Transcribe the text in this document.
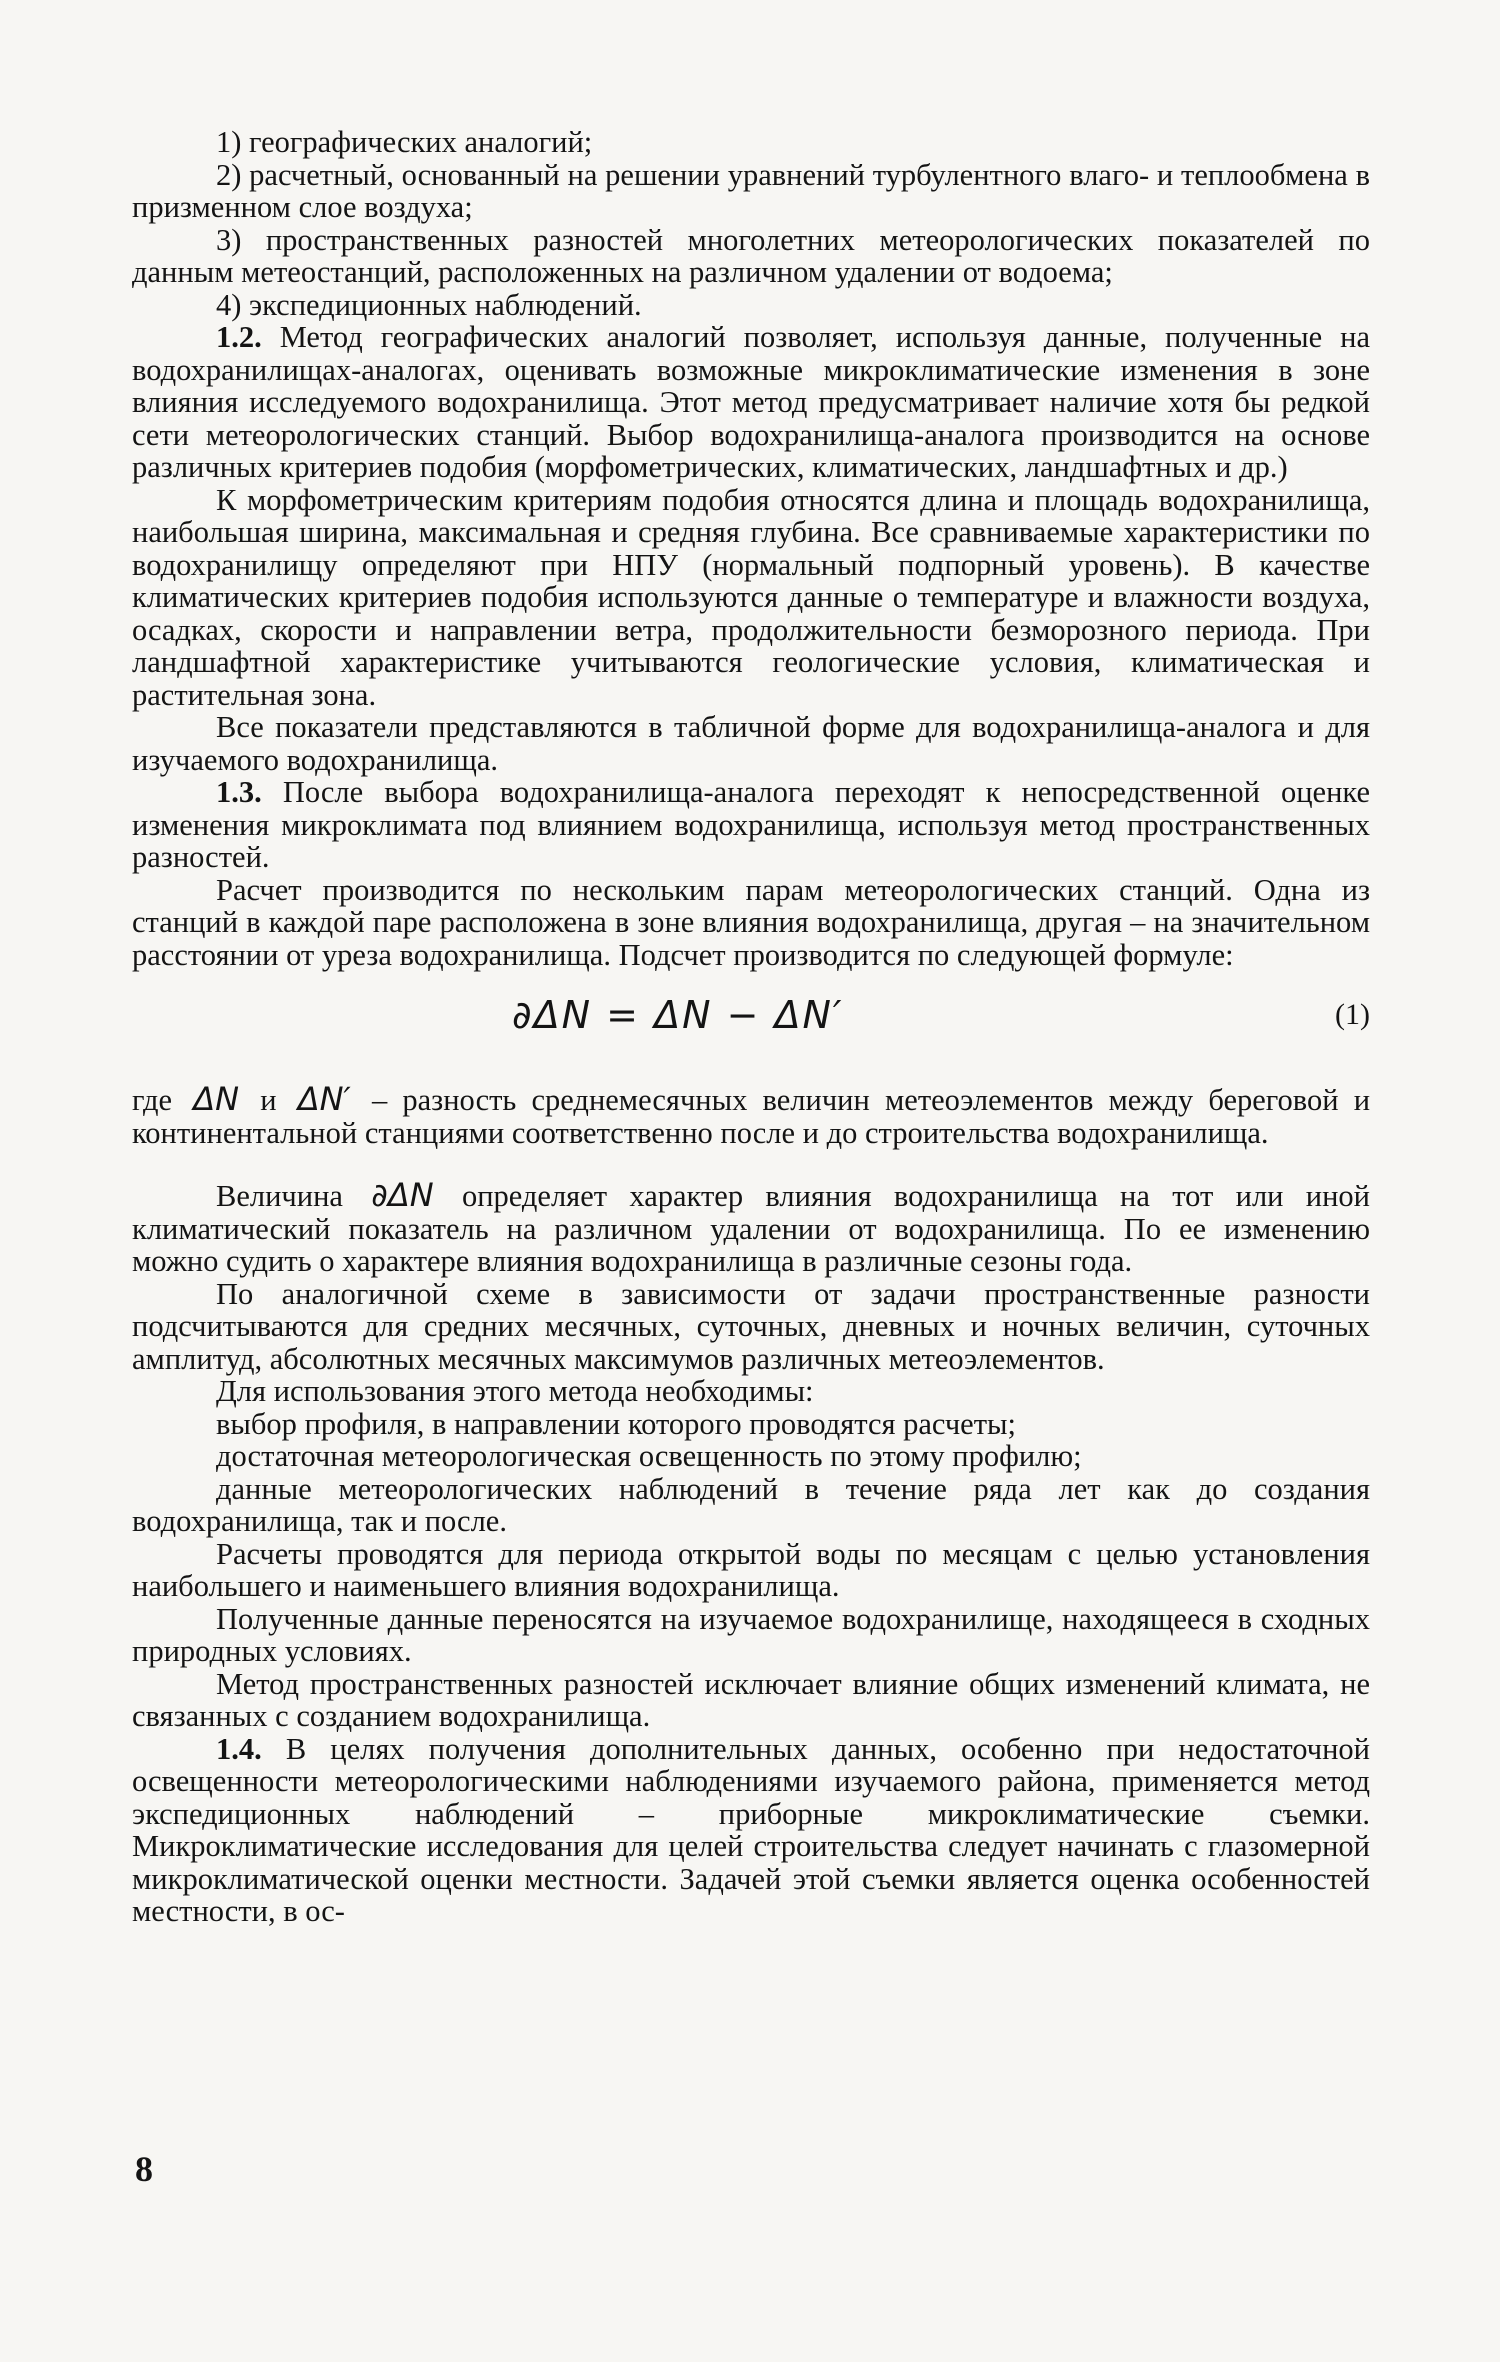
1) географических аналогий;

2) расчетный, основанный на решении уравнений турбулентного влаго- и теплообмена в призменном слое воздуха;

3) пространственных разностей многолетних метеорологических показателей по данным метеостанций, расположенных на различном удалении от водоема;

4) экспедиционных наблюдений.

1.2. Метод географических аналогий позволяет, используя данные, полученные на водохранилищах-аналогах, оценивать возможные микроклиматические изменения в зоне влияния исследуемого водохранилища. Этот метод предусматривает наличие хотя бы редкой сети метеорологических станций. Выбор водохранилища-аналога производится на основе различных критериев подобия (морфометрических, климатических, ландшафтных и др.)

К морфометрическим критериям подобия относятся длина и площадь водохранилища, наибольшая ширина, максимальная и средняя глубина. Все сравниваемые характеристики по водохранилищу определяют при НПУ (нормальный подпорный уровень). В качестве климатических критериев подобия используются данные о температуре и влажности воздуха, осадках, скорости и направлении ветра, продолжительности безморозного периода. При ландшафтной характеристике учитываются геологические условия, климатическая и растительная зона.

Все показатели представляются в табличной форме для водохранилища-аналога и для изучаемого водохранилища.

1.3. После выбора водохранилища-аналога переходят к непосредственной оценке изменения микроклимата под влиянием водохранилища, используя метод пространственных разностей.

Расчет производится по нескольким парам метеорологических станций. Одна из станций в каждой паре расположена в зоне влияния водохранилища, другая – на значительном расстоянии от уреза водохранилища. Подсчет производится по следующей формуле:

∂ΔN = ΔN − ΔN′	(1)

где ΔN и ΔN′ – разность среднемесячных величин метеоэлементов между береговой и континентальной станциями соответственно после и до строительства водохранилища.

Величина ∂ΔN определяет характер влияния водохранилища на тот или иной климатический показатель на различном удалении от водохранилища. По ее изменению можно судить о характере влияния водохранилища в различные сезоны года.

По аналогичной схеме в зависимости от задачи пространственные разности подсчитываются для средних месячных, суточных, дневных и ночных величин, суточных амплитуд, абсолютных месячных максимумов различных метеоэлементов.

Для использования этого метода необходимы:

выбор профиля, в направлении которого проводятся расчеты;

достаточная метеорологическая освещенность по этому профилю;

данные метеорологических наблюдений в течение ряда лет как до создания водохранилища, так и после.

Расчеты проводятся для периода открытой воды по месяцам с целью установления наибольшего и наименьшего влияния водохранилища.

Полученные данные переносятся на изучаемое водохранилище, находящееся в сходных природных условиях.

Метод пространственных разностей исключает влияние общих изменений климата, не связанных с созданием водохранилища.

1.4. В целях получения дополнительных данных, особенно при недостаточной освещенности метеорологическими наблюдениями изучаемого района, применяется метод экспедиционных наблюдений – приборные микроклиматические съемки. Микроклиматические исследования для целей строительства следует начинать с глазомерной микроклиматической оценки местности. Задачей этой съемки является оценка особенностей местности, в ос-

8
